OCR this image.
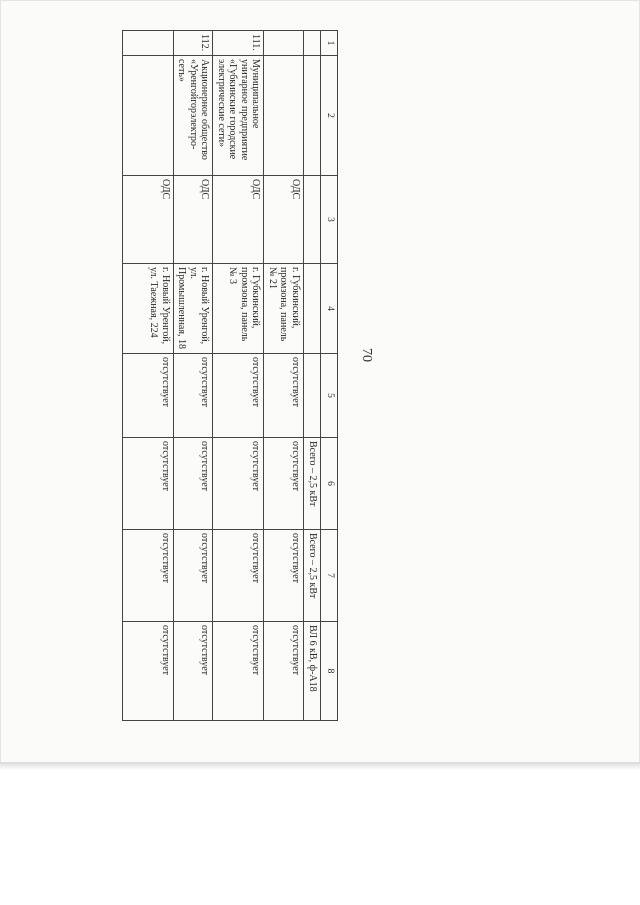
70
1	2	3	4	5	6	7	8
					Всего – 2,5 кВт	Всего – 2,5 кВт	ВЛ 6 кВ, ф-А18
		ОДС	г. Губкинский, промзона, панель № 21	отсутствует	отсутствует	отсутствует	отсутствует
111.	Муниципальное унитарное предприятие «Губкинские городские электрические сети»	ОДС	г. Губкинский, промзона, панель № 3	отсутствует	отсутствует	отсутствует	отсутствует
112.	Акционерное общество «Уренгойгорэлектро-сеть»	ОДС	г. Новый Уренгой, ул. Промышленная, 18	отсутствует	отсутствует	отсутствует	отсутствует
		ОДС	г. Новый Уренгой, ул. Таежная, 224	отсутствует	отсутствует	отсутствует	отсутствует
